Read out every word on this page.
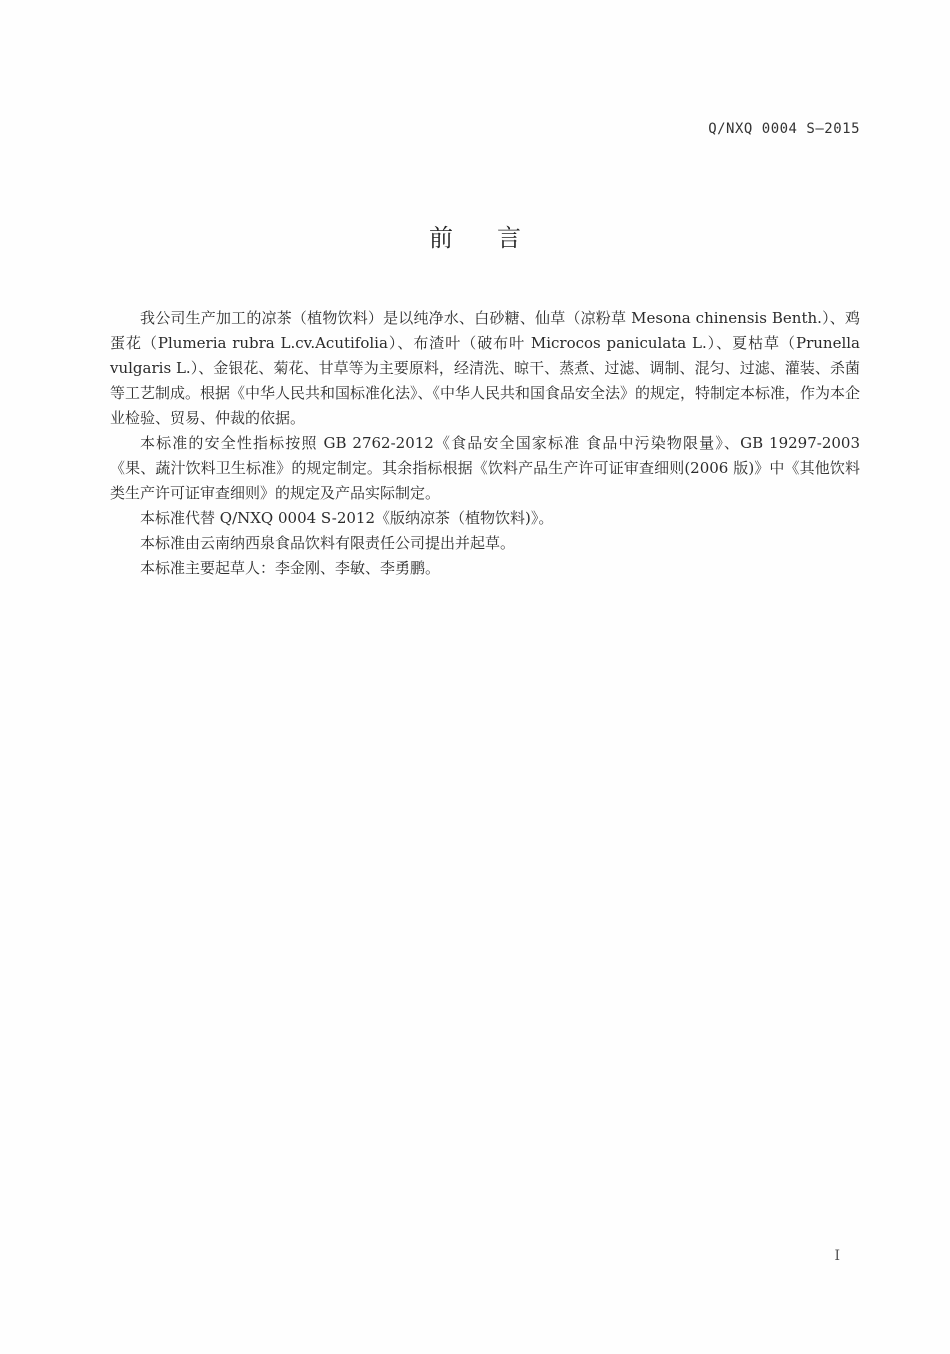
Q/NXQ 0004 S—2015
前言

我公司生产加工的凉茶（植物饮料）是以纯净水、白砂糖、仙草（凉粉草 Mesona chinensis Benth.）、鸡蛋花（Plumeria rubra L.cv.Acutifolia）、布渣叶（破布叶 Microcos paniculata L.）、夏枯草（Prunella vulgaris L.）、金银花、菊花、甘草等为主要原料，经清洗、晾干、蒸煮、过滤、调制、混匀、过滤、灌装、杀菌等工艺制成。根据《中华人民共和国标准化法》、《中华人民共和国食品安全法》的规定，特制定本标准，作为本企业检验、贸易、仲裁的依据。

本标准的安全性指标按照 GB 2762-2012《食品安全国家标准 食品中污染物限量》、GB 19297-2003《果、蔬汁饮料卫生标准》的规定制定。其余指标根据《饮料产品生产许可证审查细则(2006 版)》中《其他饮料类生产许可证审查细则》的规定及产品实际制定。

本标准代替 Q/NXQ 0004 S-2012《版纳凉茶（植物饮料)》。

本标准由云南纳西泉食品饮料有限责任公司提出并起草。

本标准主要起草人：李金刚、李敏、李勇鹏。

I
